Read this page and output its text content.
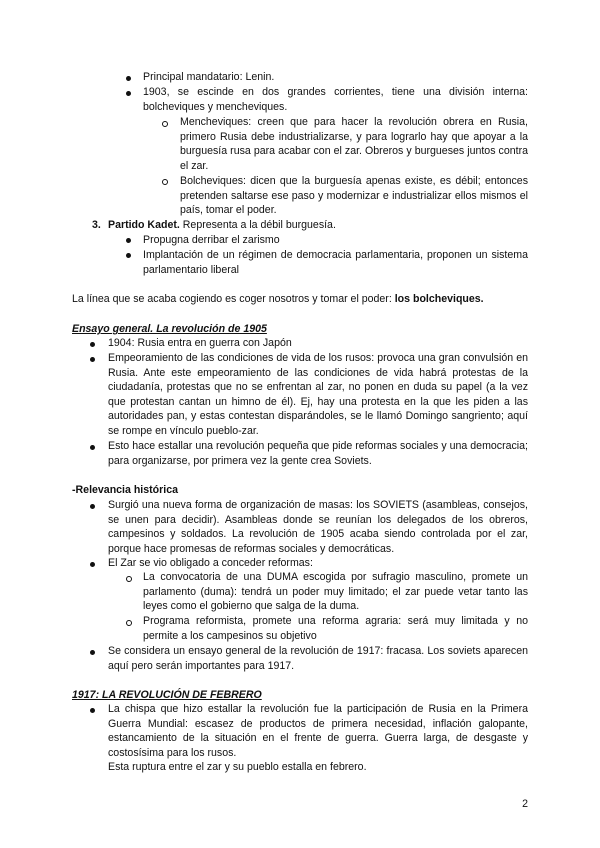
Principal mandatario: Lenin.
1903, se escinde en dos grandes corrientes, tiene una división interna: bolcheviques y mencheviques.
Mencheviques: creen que para hacer la revolución obrera en Rusia, primero Rusia debe industrializarse, y para lograrlo hay que apoyar a la burguesía rusa para acabar con el zar. Obreros y burgueses juntos contra el zar.
Bolcheviques: dicen que la burguesía apenas existe, es débil; entonces pretenden saltarse ese paso y modernizar e industrializar ellos mismos el país, tomar el poder.
3. Partido Kadet. Representa a la débil burguesía.
Propugna derribar el zarismo
Implantación de un régimen de democracia parlamentaria, proponen un sistema parlamentario liberal
La línea que se acaba cogiendo es coger nosotros y tomar el poder: los bolcheviques.
Ensayo general. La revolución de 1905
1904: Rusia entra en guerra con Japón
Empeoramiento de las condiciones de vida de los rusos: provoca una gran convulsión en Rusia. Ante este empeoramiento de las condiciones de vida habrá protestas de la ciudadanía, protestas que no se enfrentan al zar, no ponen en duda su papel (a la vez que protestan cantan un himno de él). Ej, hay una protesta en la que les piden a las autoridades pan, y estas contestan disparándoles, se le llamó Domingo sangriento; aquí se rompe en vínculo pueblo-zar.
Esto hace estallar una revolución pequeña que pide reformas sociales y una democracia; para organizarse, por primera vez la gente crea Soviets.
-Relevancia histórica
Surgió una nueva forma de organización de masas: los SOVIETS (asambleas, consejos, se unen para decidir). Asambleas donde se reunían los delegados de los obreros, campesinos y soldados. La revolución de 1905 acaba siendo controlada por el zar, porque hace promesas de reformas sociales y democráticas.
El Zar se vio obligado a conceder reformas:
La convocatoria de una DUMA escogida por sufragio masculino, promete un parlamento (duma): tendrá un poder muy limitado; el zar puede vetar tanto las leyes como el gobierno que salga de la duma.
Programa reformista, promete una reforma agraria: será muy limitada y no permite a los campesinos su objetivo
Se considera un ensayo general de la revolución de 1917: fracasa. Los soviets aparecen aquí pero serán importantes para 1917.
1917: LA REVOLUCIÓN DE FEBRERO
La chispa que hizo estallar la revolución fue la participación de Rusia en la Primera Guerra Mundial: escasez de productos de primera necesidad, inflación galopante, estancamiento de la situación en el frente de guerra. Guerra larga, de desgaste y costosísima para los rusos.
Esta ruptura entre el zar y su pueblo estalla en febrero.
2
